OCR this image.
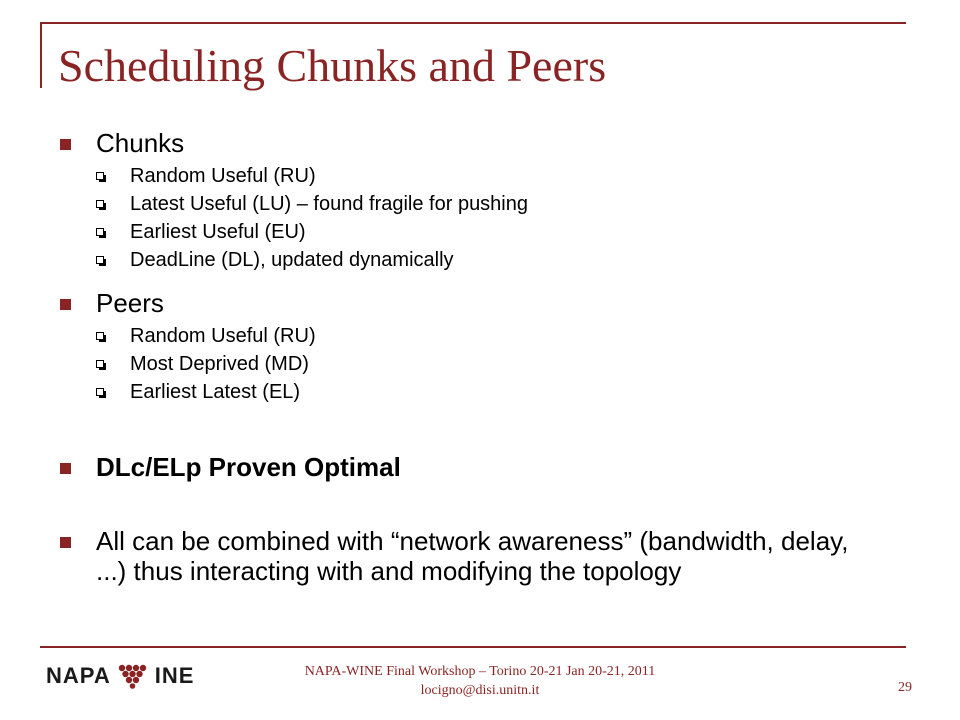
Scheduling Chunks and Peers
Chunks
Random Useful (RU)
Latest Useful (LU) – found fragile for pushing
Earliest Useful (EU)
DeadLine (DL), updated dynamically
Peers
Random Useful (RU)
Most Deprived (MD)
Earliest Latest (EL)
DLc/ELp Proven Optimal
All can be combined with “network awareness” (bandwidth, delay, ...) thus interacting with and modifying the topology
NAPA INE	NAPA-WINE Final Workshop – Torino 20-21 Jan 20-21, 2011
locigno@disi.unitn.it	29
